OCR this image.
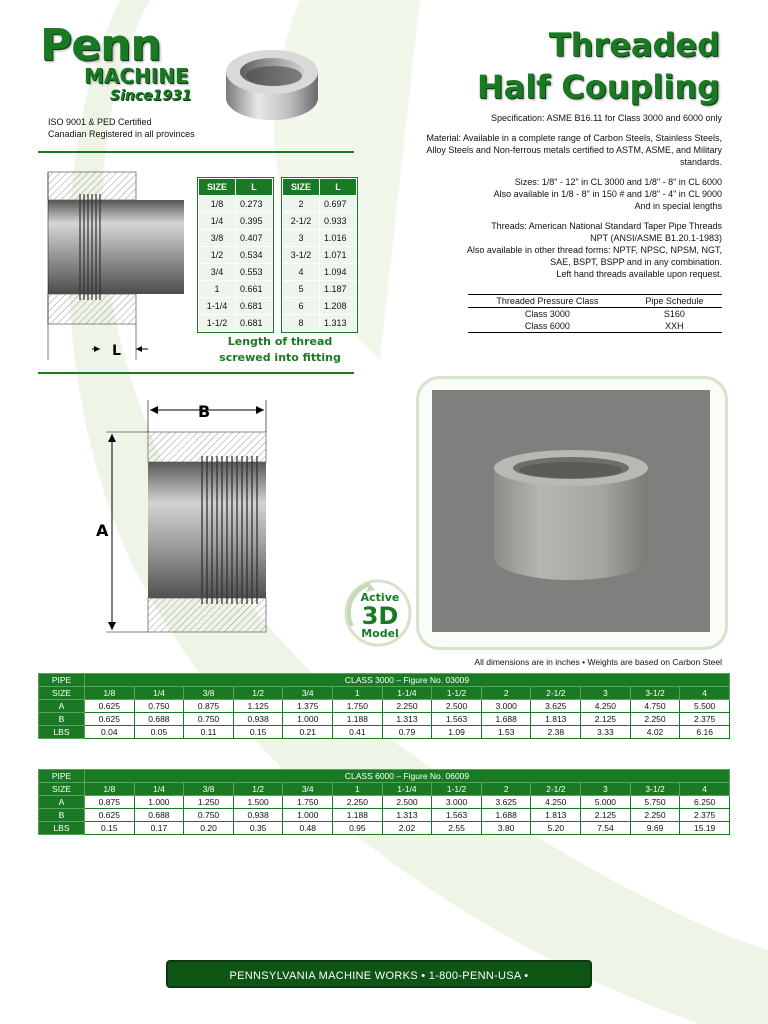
Penn
MACHINE
Since1931
ISO 9001 & PED Certified
Canadian Registered in all provinces
Threaded
Half Coupling

Specification: ASME B16.11 for Class 3000 and 6000 only

Material: Available in a complete range of Carbon Steels, Stainless Steels,
Alloy Steels and Non-ferrous metals certified to ASTM, ASME, and Military
standards.

Sizes: 1/8" - 12" in CL 3000 and 1/8" - 8" in CL 6000
Also available in 1/8 - 8" in 150 # and 1/8" - 4" in CL 9000
And in special lengths

Threads: American National Standard Taper Pipe Threads
NPT (ANSI/ASME B1.20.1-1983)
Also available in other thread forms: NPTF, NPSC, NPSM, NGT,
SAE, BSPT, BSPP and in any combination.
Left hand threads available upon request.

Threaded Pressure Class	Pipe Schedule
Class 3000	S160
Class 6000	XXH
L
SIZE	L
1/8	0.273
1/4	0.395
3/8	0.407
1/2	0.534
3/4	0.553
1	0.661
1-1/4	0.681
1-1/2	0.681
SIZE	L
2	0.697
2-1/2	0.933
3	1.016
3-1/2	1.071
4	1.094
5	1.187
6	1.208
8	1.313
Length of thread
screwed into fitting
B
A
Active
3D
Model
All dimensions are in inches • Weights are based on Carbon Steel
PIPE	CLASS 3000 – Figure No. 03009												
SIZE	1/8	1/4	3/8	1/2	3/4	1	1-1/4	1-1/2	2	2-1/2	3	3-1/2	4
A	0.625	0.750	0.875	1.125	1.375	1.750	2.250	2.500	3.000	3.625	4.250	4.750	5.500
B	0.625	0.688	0.750	0.938	1.000	1.188	1.313	1.563	1.688	1.813	2.125	2.250	2.375
LBS	0.04	0.05	0.11	0.15	0.21	0.41	0.79	1.09	1.53	2.38	3.33	4.02	6.16
PIPE	CLASS 6000 – Figure No. 06009												
SIZE	1/8	1/4	3/8	1/2	3/4	1	1-1/4	1-1/2	2	2-1/2	3	3-1/2	4
A	0.875	1.000	1.250	1.500	1.750	2.250	2.500	3.000	3.625	4.250	5.000	5.750	6.250
B	0.625	0.688	0.750	0.938	1.000	1.188	1.313	1.563	1.688	1.813	2.125	2.250	2.375
LBS	0.15	0.17	0.20	0.35	0.48	0.95	2.02	2.55	3.80	5.20	7.54	9.69	15.19
PENNSYLVANIA MACHINE WORKS • 1-800-PENN-USA • WWW.PENNUSA.COM
